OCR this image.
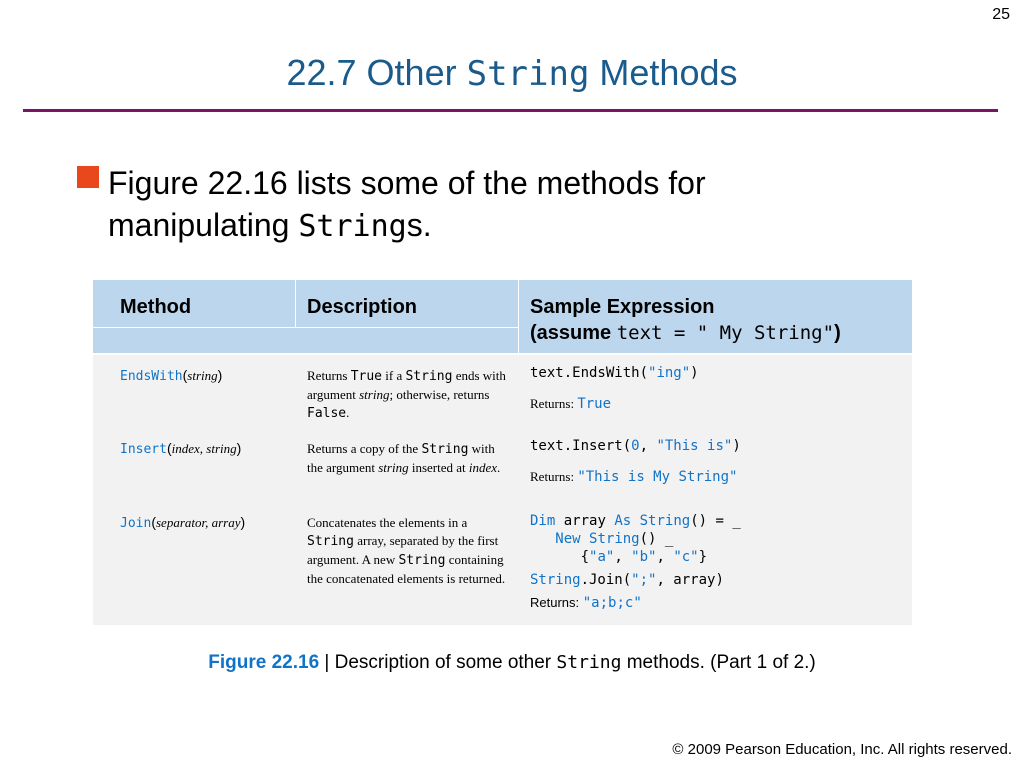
25
22.7 Other String Methods
Figure 22.16 lists some of the methods for manipulating Strings.
Method	Description	Sample Expression
(assume text = " My String")
EndsWith(string)	Returns True if a String ends with argument string; otherwise, returns False.
text.EndsWith("ing")
Returns: True
Insert(index, string)	Returns a copy of the String with the argument string inserted at index.
text.Insert(0, "This is")
Returns: "This is My String"
Join(separator, array)	Concatenates the elements in a String array, separated by the first argument. A new String containing the concatenated elements is returned.
Dim array As String() = _
New String() _
{"a", "b", "c"}
String.Join(";", array)
Returns: "a;b;c"
Figure 22.16 | Description of some other String methods. (Part 1 of 2.)
© 2009 Pearson Education, Inc. All rights reserved.
